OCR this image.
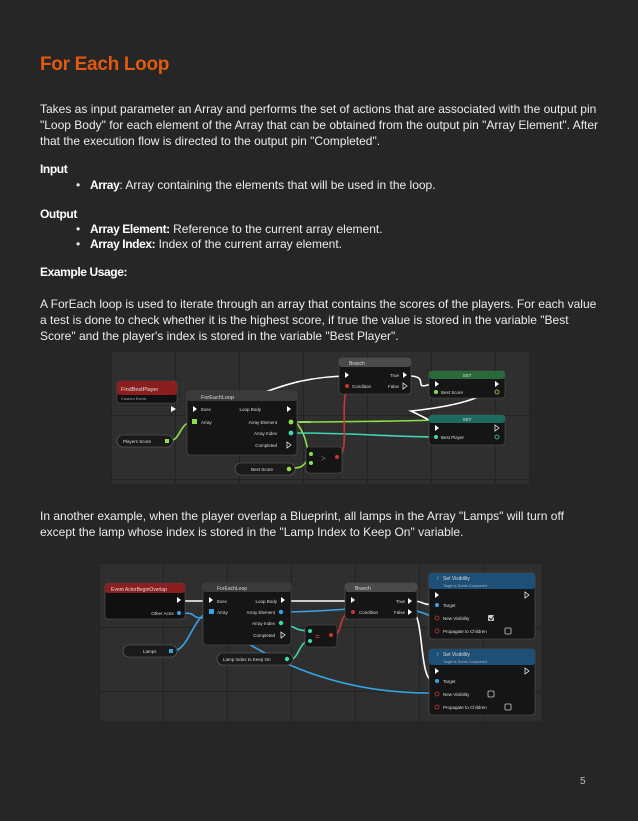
For Each Loop
Takes as input parameter an Array and performs the set of actions that are associated with the output pin "Loop Body" for each element of the Array that can be obtained from the output pin "Array Element". After that the execution flow is directed to the output pin "Completed".
Input
• Array: Array containing the elements that will be used in the loop.
Output
• Array Element: Reference to the current array element.
• Array Index: Index of the current array element.
Example Usage:
A ForEach loop is used to iterate through an array that contains the scores of the players. For each value a test is done to check whether it is the highest score, if true the value is stored in the variable "Best Score" and the player's index is stored in the variable "Best Player".
FindBestPlayer
Custom Event	ForEachLoop
Exec
Array
Loop Body
Array Element
Array Index
Completed
Players Score
Best Score
>
Branch
Condition
True
False
SET
Best Score
SET
Best Player
In another example, when the player overlap a Blueprint, all lamps in the Array "Lamps" will turn off except the lamp whose index is stored in the "Lamp Index to Keep On" variable.
Event ActorBeginOverlap
Other Actor
Lamps
ForEachLoop
Exec
Array
Loop Body
Array Element
Array Index
Completed	=
Lamp Index to Keep On
Branch
Condition
True
False
f Set Visibility
Target is Scene Component
Target
New Visibility
Propagate to Children
f Set Visibility
Target is Scene Component
Target
New Visibility
Propagate to Children
5
